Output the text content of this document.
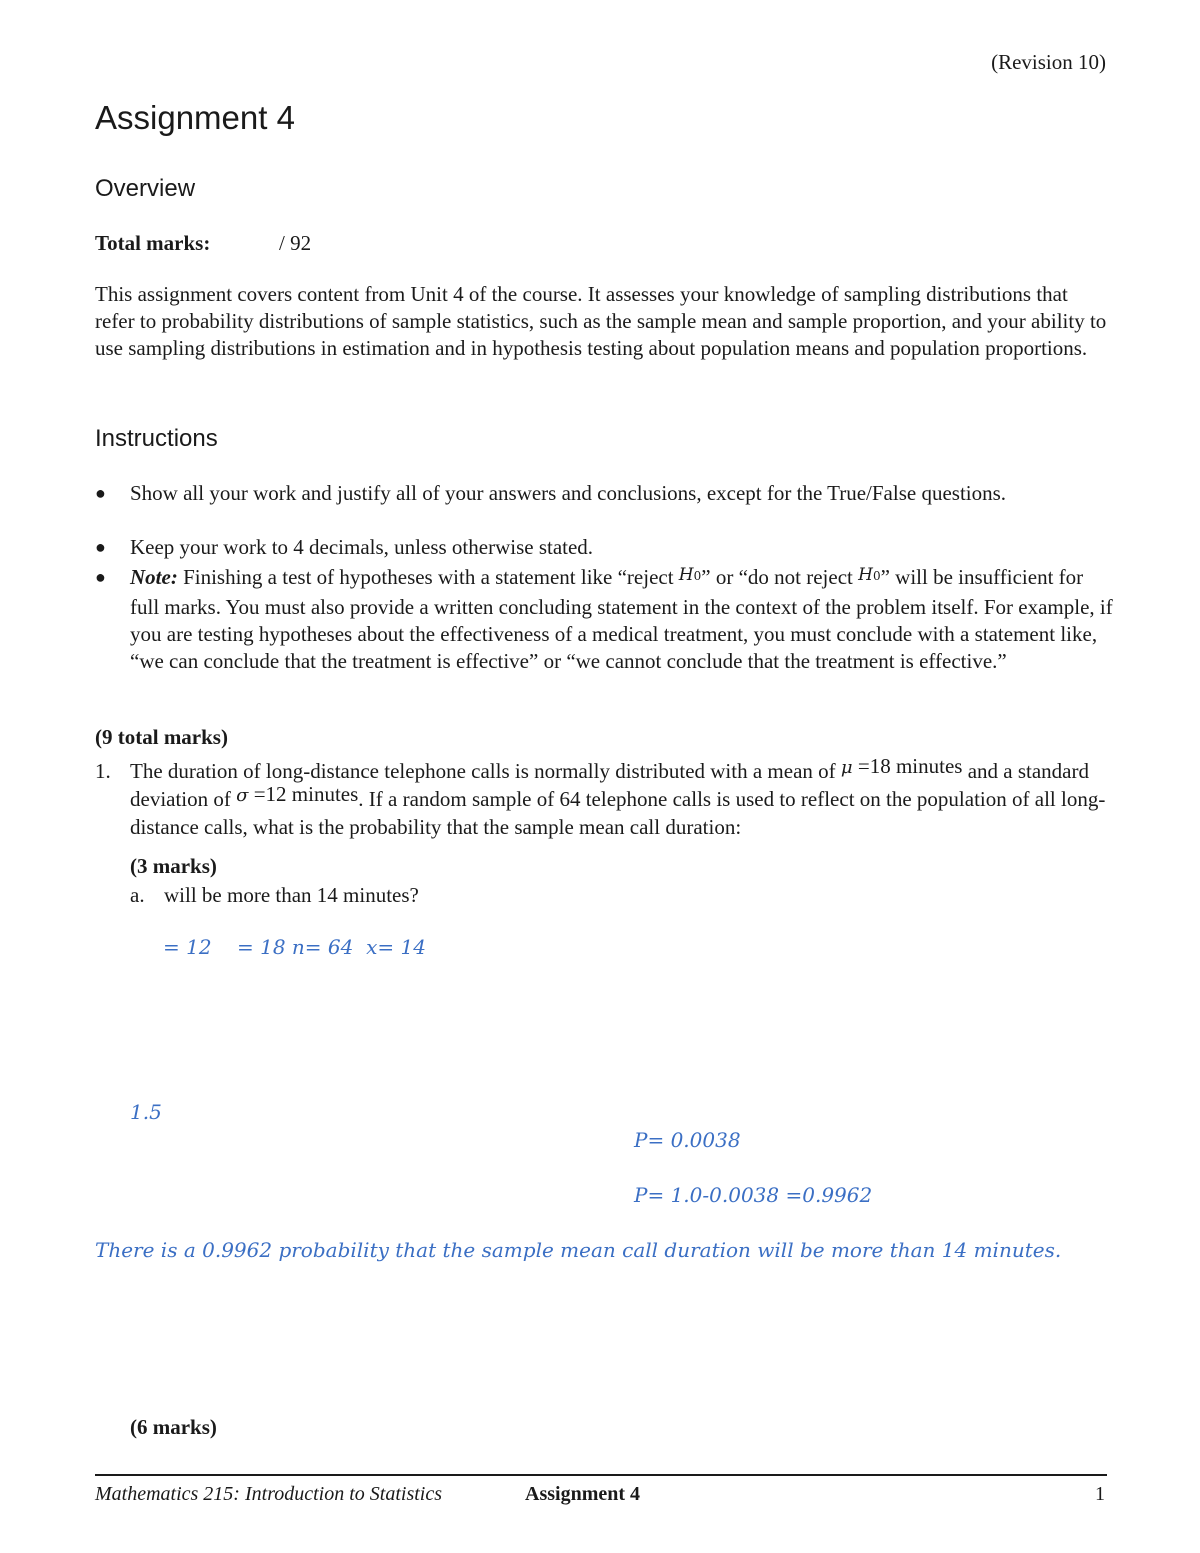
(Revision 10)
Assignment 4
Overview
Total marks:	/ 92
This assignment covers content from Unit 4 of the course. It assesses your knowledge of sampling distributions that refer to probability distributions of sample statistics, such as the sample mean and sample proportion, and your ability to use sampling distributions in estimation and in hypothesis testing about population means and population proportions.
Instructions
● Show all your work and justify all of your answers and conclusions, except for the True/False questions.
● Keep your work to 4 decimals, unless otherwise stated.
● Note: Finishing a test of hypotheses with a statement like “reject H0” or “do not reject H0” will be insufficient for full marks. You must also provide a written concluding statement in the context of the problem itself. For example, if you are testing hypotheses about the effectiveness of a medical treatment, you must conclude with a statement like, “we can conclude that the treatment is effective” or “we cannot conclude that the treatment is effective.”
(9 total marks)
1. The duration of long-distance telephone calls is normally distributed with a mean of μ =18 minutes and a standard deviation of σ =12 minutes. If a random sample of 64 telephone calls is used to reflect on the population of all long-distance calls, what is the probability that the sample mean call duration:
(3 marks)
a. will be more than 14 minutes?
= 12    = 18 n= 64  x= 14
1.5
P= 0.0038
P= 1.0-0.0038 =0.9962
There is a 0.9962 probability that the sample mean call duration will be more than 14 minutes.
(6 marks)
Mathematics 215: Introduction to Statistics	Assignment 4	1
